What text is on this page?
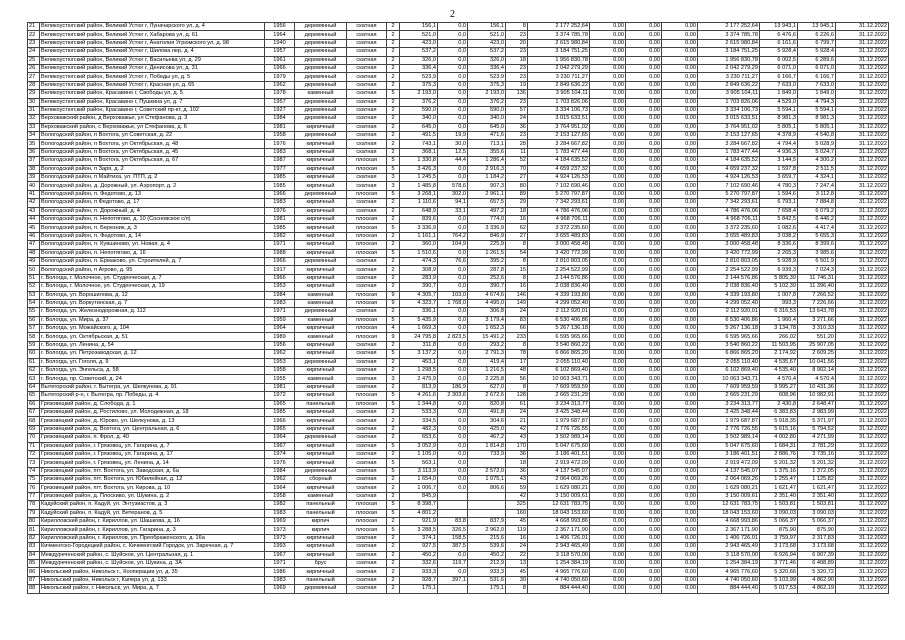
2
21	Великоустюгский район, Великий Устюг г, Луначарского ул, д. 4	1956	деревянный	скатная	2	156,1	0,0	156,1	8	2 177 252,64	0,00	0,00	0,00	2 177 252,64	13 943,1	13 945,1	31.12.2022
22	Великоустюгский район, Великий Устюг г, Хабарова ул, д. 61	1964	деревянный	скатная	2	521,0	0,0	521,0	23	3 374 785,78	0,00	0,00	0,00	3 374 785,78	6 476,6	6 226,6	31.12.2022
23	Великоустюгский район, Великий Устюг г, Анатолия Угрюмского ул, д. 98	1940	деревянный	скатная	2	423,0	0,0	423,0	20	2 615 980,84	0,00	0,00	0,00	2 615 980,84	6 161,6	6 799,7	31.12.2022
24	Великоустюгский район, Великий Устюг г, Шилова пер, д. 4	1957	деревянный	скатная	2	537,2	0,0	537,2	23	3 184 751,25	0,00	0,00	0,00	3 184 751,25	5 928,4	5 928,4	31.12.2022
25	Великоустюгский район, Великий Устюг г, Васильева ул, д. 29	1961	деревянный	скатная	2	326,0	0,0	326,0	18	1 956 830,78	0,00	0,00	0,00	1 956 830,78	6 002,5	6 289,6	31.12.2022
26	Великоустюгский район, Великий Устюг г, Денисова ул, д. 31	1966	деревянный	скатная	2	336,4	0,0	336,4	23	2 042 279,29	0,00	0,00	0,00	2 042 279,29	6 071,0	6 071,0	31.12.2022
27	Великоустюгский район, Великий Устюг г, Победы ул, д. 5	1979	деревянный	скатная	2	523,9	0,0	523,9	23	3 230 711,27	0,00	0,00	0,00	3 230 711,27	6 166,7	6 166,7	31.12.2022
28	Великоустюгский район, Великий Устюг г, Красная ул, д. 65	1962	деревянный	скатная	2	375,3	0,0	375,3	19	2 849 636,22	0,00	0,00	0,00	2 849 636,22	7 633,0	7 633,0	31.12.2022
29	Великоустюгский район, Красавино г, Свободы ул, д. 5	1978	каменный	скатная	5	2 193,0	0,0	2 193,0	136	3 905 104,11	0,00	0,00	0,00	3 905 104,11	1 849,0	1 849,0	31.12.2022
30	Великоустюгский район, Красавино г, Пушкина ул, д. 7	1957	деревянный	скатная	2	376,2	0,0	376,2	23	1 703 826,06	0,00	0,00	0,00	1 703 826,06	4 529,0	4 794,3	31.12.2022
31	Великоустюгский район, Красавино г, Советский пр-кт, д. 102	1927	деревянный	скатная	2	590,0	0,0	590,0	57	3 334 106,73	0,00	0,00	0,00	3 334 106,73	5 594,1	5 594,1	31.12.2022
32	Верховажский район, д Верховажье, ул Стефанова, д. 3	1984	деревянный	скатная	2	340,0	0,0	340,0	24	3 015 633,51	0,00	0,00	0,00	3 015 633,51	8 981,3	8 981,3	31.12.2022
33	Верховажский район, с Верховажье, ул Стефанова, д. 6	1981	кирпичный	скатная	2	645,0	0,0	645,0	36	3 764 951,02	0,00	0,00	0,00	3 764 951,02	5 805,1	5 805,1	31.12.2022
34	Вологодский район, п Вохтога, ул Советская, д. 22	1958	деревянный	скатная	2	491,5	19,9	471,6	23	2 153 127,65	0,00	0,00	0,00	2 153 127,65	4 378,9	4 540,8	31.12.2022
35	Вологодский район, п Вохтога, ул Октябрьская, д. 48	1976	кирпичный	скатная	2	743,1	30,0	713,1	28	3 284 667,82	0,00	0,00	0,00	3 284 667,82	4 794,4	5 028,9	31.12.2022
36	Вологодский район, п Вохтога, ул Октябрьская, д. 45	1983	кирпичный	скатная	2	368,1	12,5	355,6	11	1 783 477,44	0,00	0,00	0,00	1 783 477,44	4 936,3	5 024,7	31.12.2022
37	Вологодский район, п Вохтога, ул Октябрьская, д. 67	1987	кирпичный	плоская	5	1 330,8	44,4	1 286,4	52	4 184 635,52	0,00	0,00	0,00	4 184 635,52	3 144,5	4 300,2	31.12.2022
38	Вологодский район, п Заря, д. 2	1977	кирпичный	плоская	5	3 426,3	0,0	2 916,3	70	4 659 237,32	0,00	0,00	0,00	4 659 237,32	1 597,8	2 511,5	31.12.2022
39	Вологодский район, п Майтиха, ул. ПТП, д. 2	1985	кирпичный	скатная	3	1 245,5	0,0	1 184,2	27	4 924 126,53	0,00	0,00	0,00	4 924 126,53	3 659,7	4 324,1	31.12.2022
40	Вологодский район, д. Дорожный, ул. Аэропорт, д. 2	1985	кирпичный	скатная	3	1 485,8	578,6	907,3	80	7 102 690,46	0,00	0,00	0,00	7 102 690,46	4 780,3	7 247,4	31.12.2022
41	Вологодский район, п. Федотово, д. 13	1966	деревянный	плоская	5	3 268,1	302,0	2 961,1	89	5 270 797,87	0,00	0,00	0,00	5 270 797,87	1 594,6	3 112,8	31.12.2022
42	Вологодский район, п Федотово, д. 17	1983	кирпичный	скатная	2	1 110,6	94,1	657,5	29	7 342 293,61	0,00	0,00	0,00	7 342 293,61	6 793,1	7 884,8	31.12.2022
43	Вологодский район, п. Дорожный, д. 4	1976	кирпичный	скатная	2	648,9	33,1	497,2	18	4 786 476,06	0,00	0,00	0,00	4 786 476,06	7 658,4	6 079,2	31.12.2022
44	Вологодский район, п. Непотягово, д. 10 (Сосновское с/п)	1981	кирпичный	плоская	2	839,6	0,0	774,0	16	4 968 706,11	0,00	0,00	0,00	4 968 706,11	5 842,5	6 446,2	31.12.2022
45	Вологодский район, п. Березник, д. 3	1985	кирпичный	плоская	5	3 336,9	0,0	3 336,9	62	3 372 235,60	0,00	0,00	0,00	3 372 235,60	1 082,6	4 417,4	31.12.2022
46	Вологодский район, п. Федотово, д. 14	1982	кирпичный	плоская	2	1 161,1	764,2	846,9	27	3 655 489,83	0,00	0,00	0,00	3 655 489,83	3 038,2	5 655,3	31.12.2022
47	Вологодский район, п. Кувшиново, ул. Новая, д. 4	1971	кирпичный	плоская	2	360,0	104,9	225,9	8	3 000 458,48	0,00	0,00	0,00	3 000 458,48	8 336,6	8 399,6	31.12.2022
48	Вологодский район, п. Непотягово, д. 16	1988	кирпичный	плоская	5	1 510,6	0,0	1 261,5	54	3 420 772,99	0,00	0,00	0,00	3 420 772,99	2 265,3	3 985,6	31.12.2022
49	Вологодский район, п. Ермаково, ул. Строителей, д. 7	1966	деревянный	скатная	2	474,3	76,6	395,2	8	2 810 803,05	0,00	0,00	0,00	2 810 803,05	5 928,9	6 501,9	31.12.2022
50	Вологодский район, п Агрово, д. 95	1917	кирпичный	скатная	2	308,9	0,0	287,8	15	2 254 522,99	0,00	0,00	0,00	2 254 522,99	6 939,3	7 024,3	31.12.2022
51	г. Вологда, г. Молочное, ул. Студенческая, д. 7	1966	кирпичный	скатная	2	283,9	0,0	252,6	8	2 144 576,86	0,00	0,00	0,00	2 144 576,86	5 805,39	11 746,31	31.12.2022
52	г. Вологда, г. Молочное, ул. Студенческая, д. 19	1953	кирпичный	скатная	2	390,7	0,0	390,7	16	2 038 836,40	0,00	0,00	0,00	2 038 836,40	5 102,39	11 396,40	31.12.2022
53	г. Вологда, ул. Ворошилова, д. 12	1984	каменный	плоская	9	4 305,7	103,0	4 674,6	146	4 339 193,80	0,00	0,00	0,00	4 339 193,80	1 007,8	7 266,52	31.12.2022
54	г. Вологда, ул. Воркутинская, д. 7	1983	каменный	плоская	9	4 323,7	1 768,0	4 495,0	149	4 299 052,40	0,00	0,00	0,00	4 299 052,40	993,3	7 226,66	31.12.2022
55	г. Вологда, ул. Железнодорожная, д. 112	1971	деревянный	скатная	2	336,1	0,0	306,8	24	2 112 920,01	0,00	0,00	0,00	2 112 920,01	6 316,53	13 643,78	31.12.2022
56	г. Вологда, ул. Мира, д. 37	1959	каменный	плоская	5	5 435,9	0,0	3 179,4	83	6 530 406,86	0,00	0,00	0,00	6 530 406,86	1 960,4	3 271,66	31.12.2022
57	г. Вологда, ул. Можайского, д. 104	1964	кирпичный	плоская	4	1 669,3	0,0	1 652,3	66	5 267 136,18	0,00	0,00	0,00	5 267 136,18	3 134,78	3 310,33	31.12.2022
58	г. Вологда, ул. Октябрьская, д. 51	1989	каменный	плоская	9	24 795,8	2 823,5	15 491,2	233	6 595 965,66	0,00	0,00	0,00	6 595 965,66	266,02	551,20	31.12.2022
59	г. Вологда, ул. Ленина, д. 54	1956	кирпичный	скатная	2	311,8	0,0	293,2	8	3 540 860,22	0,00	0,00	0,00	3 540 860,22	11 503,95	25 907,05	31.12.2022
60	г. Вологда, ул. Петрозаводская, д. 12	1962	кирпичный	скатная	5	3 137,2	0,0	2 791,3	78	6 866 865,20	0,00	0,00	0,00	6 866 865,20	2 174,92	2 609,25	31.12.2022
61	г. Вологда, ул. Гоголя, д. 9	1953	деревянный	скатная	2	453,1	0,0	419,4	17	2 055 110,40	0,00	0,00	0,00	2 055 110,40	4 535,67	10 041,56	31.12.2022
62	г. Вологда, ул. Энгельса, д. 58	1958	кирпичный	скатная	2	1 298,5	0,0	1 216,5	48	6 102 869,40	0,00	0,00	0,00	6 102 869,40	4 535,40	8 902,14	31.12.2022
63	г. Вологда, пр. Советский, д. 24	1955	каменный	скатная	3	2 475,9	0,0	2 225,8	56	10 063 343,71	0,00	0,00	0,00	10 063 343,71	4 570,4	4 570,4	31.12.2022
64	Вытегорский район, г. Вытегра, ул. Шелкунова, д. 91	1981	кирпичный	скатная	2	813,9	186,9	627,0	8	7 609 959,59	0,00	0,00	0,00	7 609 959,59	9 995,27	10 431,36	31.12.2022
65	Вытегорский р-н, г. Вытегра, пр. Победы, д. 4	1972	кирпичный	плоская	5	4 261,6	2 303,6	2 672,6	128	2 665 231,29	0,00	0,00	0,00	2 665 231,29	608,96	10 982,91	31.12.2022
66	Грязовецкий район, д. Слобода, д. 1	1965	панельный	плоская	5	1 344,8	0,0	820,8	61	3 234 313,77	0,00	0,00	0,00	3 234 313,77	2 430,8	2 648,47	31.12.2022
67	Грязовецкий район, д. Ростилово, ул. Молодежная, д. 18	1985	кирпичный	скатная	2	533,3	0,0	491,8	24	3 425 348,44	0,00	0,00	0,00	3 425 348,44	6 383,83	2 983,99	31.12.2022
68	Грязовецкий район, д. Юрово, ул. Шелкунова, д. 13	1966	кирпичный	скатная	2	334,5	0,0	304,6	21	1 979 687,87	0,00	0,00	0,00	1 979 687,87	5 918,35	5 371,97	31.12.2022
69	Грязовецкий район, д. Вохтога, ул. Центральная, д. 6	1965	кирпичный	скатная	2	482,3	0,0	425,0	42	2 776 726,55	0,00	0,00	0,00	2 776 726,55	5 615,16	5 794,52	31.12.2022
70	Грязовецкий район, п. Фрол, д. 40	1964	деревянный	скатная	2	653,6	0,0	467,2	43	3 502 989,14	0,00	0,00	0,00	3 502 989,14	4 002,80	4 271,99	31.12.2022
71	Грязовецкий район, г. Грязовец, ул. Гагарина, д. 7	1967	кирпичный	скатная	5	3 052,9	0,0	1 814,8	170	5 047 675,60	0,00	0,00	0,00	5 047 675,60	1 684,31	2 781,29	31.12.2022
72	Грязовецкий район, г. Грязовец, ул. Гагарина, д. 17	1974	кирпичный	скатная	2	1 105,0	0,0	733,9	36	3 186 401,51	0,00	0,00	0,00	3 186 401,51	2 886,76	3 735,16	31.12.2022
73	Грязовецкий район, г. Грязовец, ул. Ленина, д. 14	1976	кирпичный	скатная	5	563,1	0,0		18	2 919 472,09	0,00	0,00	0,00	2 919 472,09	5 201,32	5 201,32	31.12.2022
74	Грязовецкий район, пгт. Вохтога, ул. Заводская, д. 6а	1984	деревянный	скатная	5	3 113,9	0,0	2 572,0	36	4 137 545,07	0,00	0,00	0,00	4 137 545,07	1 375,16	1 372,05	31.12.2022
75	Грязовецкий район, пгт. Вохтога, ул. Юбилейная, д. 12	1962	сборный	скатная	2	1 654,0	0,0	1 075,1	43	2 064 069,26	0,00	0,00	0,00	2 064 069,26	1 255,47	1 125,82	31.12.2022
76	Грязовецкий район, пгт. Вохтога, ул. Кирова, д. 10	1964	кирпичный	скатная	2	1 006,7	0,0	806,6	59	1 629 080,21	0,00	0,00	0,00	1 629 080,21	1 621,47	1 621,47	31.12.2022
77	Грязовецкий район, д. Плоскиво, ул. Шукина, д. 2	1958	каменный	скатная	2	845,9			42	3 150 009,61	0,00	0,00	0,00	3 150 009,61	2 351,40	2 351,40	31.12.2022
78	Кадуйский район, п. Кадуй, ул. Энтузиастов, д. 3	1982	панельный	плоская	5	8 398,7			325	12 631 783,75	0,00	0,00	0,00	12 631 783,75	1 503,81	1 503,81	31.12.2022
79	Кадуйский район, п. Кадуй, ул. Ветеранов, д. 5	1983	панельный	плоская	5	4 801,2			160	18 043 153,60	0,00	0,00	0,00	18 043 153,60	3 090,03	3 090,03	31.12.2022
80	Кирилловский район, г. Кириллов, ул. Шашкова, д. 16	1969	кирпич	плоская	2	921,9	83,8	837,9	45	4 668 993,86	0,00	0,00	0,00	4 668 993,86	5 066,37	5 066,37	31.12.2022
81	Кирилловский район, г. Кириллов, ул. Гагарина, д. 3	1973	кирпич	плоская	5	3 288,5	326,5	2 962,0	119	2 367 171,90	0,00	0,00	0,00	2 367 171,90	875,90	875,90	31.12.2022
82	Кирилловский район, г. Кириллов, ул. Преображенского, д. 16а	1973	кирпичный	скатная	2	374,1	158,5	215,6	16	1 406 726,01	0,00	0,00	0,00	1 406 726,01	3 759,97	2 317,83	31.12.2022
83	Кичменгско-Городецкий район, с. Кичменгский Городок, ул. Заречная, д. 7	1993	кирпичный	скатная	2	927,5	387,5	539,6	24	2 943 465,49	0,00	0,00	0,00	2 943 465,49	3 173,68	3 173,68	31.12.2022
84	Междуреченский район, с. Шуйское, ул. Центральная, д. 1	1967	кирпичный	скатная	2	450,2	0,0	450,2	22	3 118 570,00	0,00	0,00	0,00	3 118 570,00	6 926,94	6 907,39	31.12.2022
85	Междуреченский район, с. Шуйское, ул. Шукина, д. 3А	1971	брус	скатная	2	332,6	119,7	212,9	13	1 254 384,19	0,00	0,00	0,00	1 254 384,19	3 771,46	6 408,89	31.12.2022
86	Никольский район, Никольск г., Кооперации ул, д. 35	1986	кирпичный	скатная	2	933,3	0,0	933,3	45	4 965 776,60	0,00	0,00	0,00	4 965 776,60	5 320,66	5 320,72	31.12.2022
87	Никольский район, Никольск г, Капера ул, д. 133	1983	панельный	скатная	2	928,7	397,1	531,6	30	4 740 050,60	0,00	0,00	0,00	4 740 050,60	5 103,99	4 862,90	31.12.2022
88	Никольский район, г. Никольск, ул. Мира, д. 7	1969	деревянный	скатная	2	175,1		175,1	8	884 444,40	0,00	0,00	0,00	884 444,40	5 017,53	4 862,19	31.12.2022
